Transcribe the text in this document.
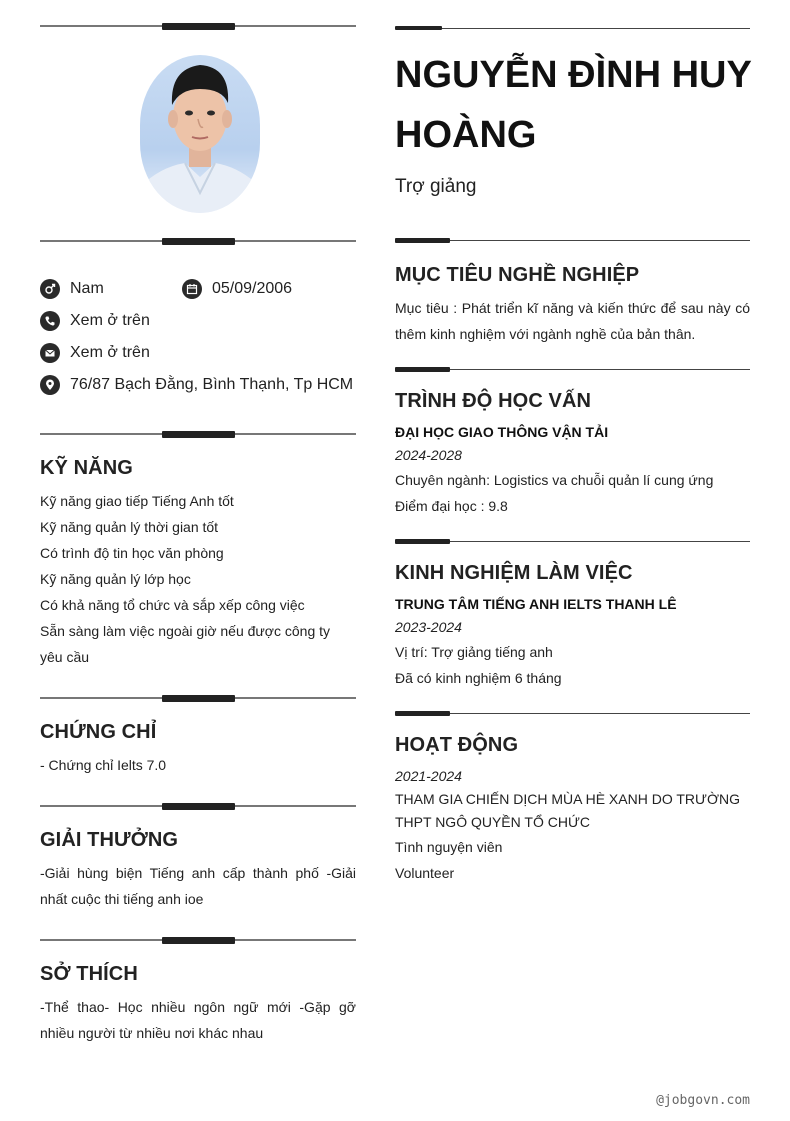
Nam	05/09/2006
Xem ở trên
Xem ở trên
76/87 Bạch Đằng, Bình Thạnh, Tp HCM
KỸ NĂNG
Kỹ năng giao tiếp Tiếng Anh tốt
Kỹ năng quản lý thời gian tốt
Có trình độ tin học văn phòng
Kỹ năng quản lý lớp học
Có khả năng tổ chức và sắp xếp công việc
Sẵn sàng làm việc ngoài giờ nếu được công ty yêu cầu
CHỨNG CHỈ
- Chứng chỉ Ielts 7.0
GIẢI THƯỞNG
-Giải hùng biện Tiếng anh cấp thành phố -Giải nhất cuộc thi tiếng anh ioe
SỞ THÍCH
-Thể thao- Học nhiều ngôn ngữ mới -Gặp gỡ nhiều người từ nhiều nơi khác nhau
NGUYỄN ĐÌNH HUY HOÀNG
Trợ giảng
MỤC TIÊU NGHỀ NGHIỆP
Mục tiêu : Phát triển kĩ năng và kiến thức để sau này có thêm kinh nghiệm với ngành nghề của bản thân.
TRÌNH ĐỘ HỌC VẤN
ĐẠI HỌC GIAO THÔNG VẬN TẢI
2024-2028
Chuyên ngành: Logistics va chuỗi quản lí cung ứng
Điểm đại học : 9.8
KINH NGHIỆM LÀM VIỆC
TRUNG TÂM TIẾNG ANH IELTS THANH LÊ
2023-2024
Vị trí: Trợ giảng tiếng anh
Đã có kinh nghiệm 6 tháng
HOẠT ĐỘNG
2021-2024
THAM GIA CHIẾN DỊCH MÙA HÈ XANH DO TRƯỜNG THPT NGÔ QUYỀN TỔ CHỨC
Tình nguyện viên
Volunteer
@jobgovn.com
